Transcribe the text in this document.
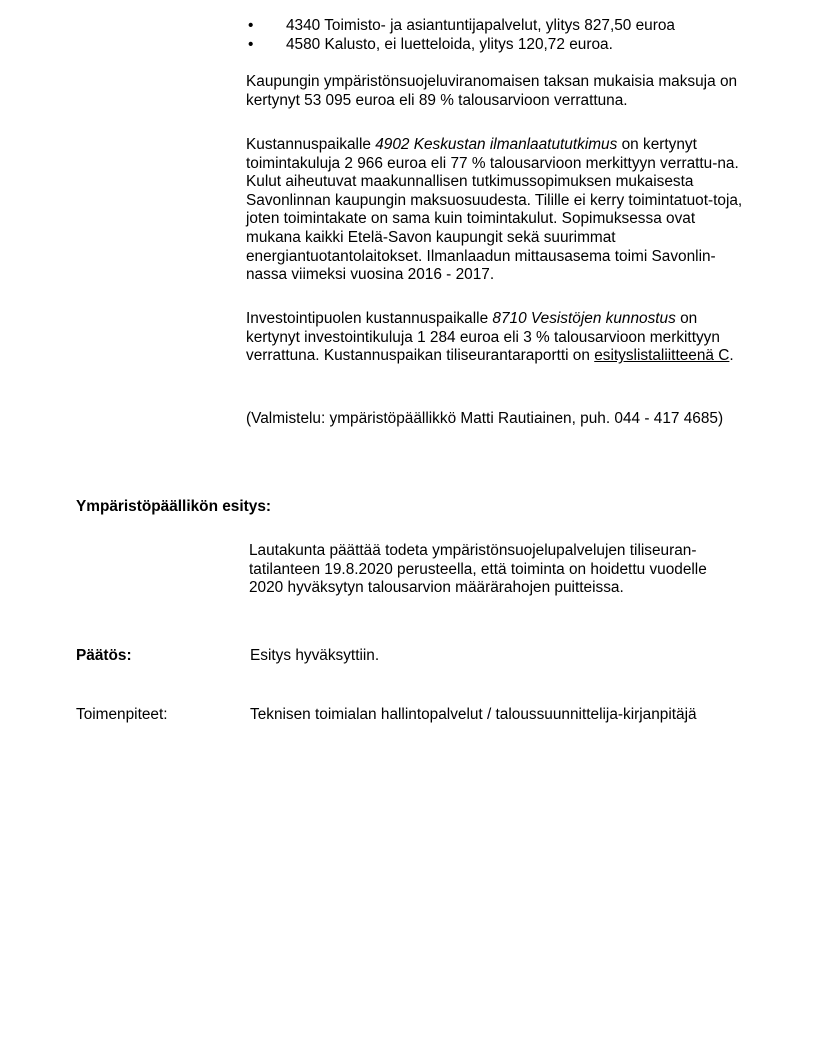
• 4340 Toimisto- ja asiantuntijapalvelut, ylitys 827,50 euroa
• 4580 Kalusto, ei luetteloida, ylitys 120,72 euroa.

Kaupungin ympäristönsuojeluviranomaisen taksan mukaisia maksuja on kertynyt 53 095 euroa eli 89 % talousarvioon verrattuna.

Kustannuspaikalle 4902 Keskustan ilmanlaatututkimus on kertynyt toimintakuluja 2 966 euroa eli 77 % talousarvioon merkittyyn verrattu-na. Kulut aiheutuvat maakunnallisen tutkimussopimuksen mukaisesta Savonlinnan kaupungin maksuosuudesta. Tilille ei kerry toimintatuot-toja, joten toimintakate on sama kuin toimintakulut. Sopimuksessa ovat mukana kaikki Etelä-Savon kaupungit sekä suurimmat energiantuotantolaitokset. Ilmanlaadun mittausasema toimi Savonlin-nassa viimeksi vuosina 2016 - 2017.

Investointipuolen kustannuspaikalle 8710 Vesistöjen kunnostus on kertynyt investointikuluja 1 284 euroa eli 3 % talousarvioon merkittyyn verrattuna. Kustannuspaikan tiliseurantaraportti on esityslistaliitteenä C.

(Valmistelu: ympäristöpäällikkö Matti Rautiainen, puh. 044 - 417 4685)

Ympäristöpäällikön esitys:

Lautakunta päättää todeta ympäristönsuojelupalvelujen tiliseuran-tatilanteen 19.8.2020 perusteella, että toiminta on hoidettu vuodelle 2020 hyväksytyn talousarvion määrärahojen puitteissa.

Päätös:	Esitys hyväksyttiin.
Toimenpiteet:	Teknisen toimialan hallintopalvelut / taloussuunnittelija-kirjanpitäjä
